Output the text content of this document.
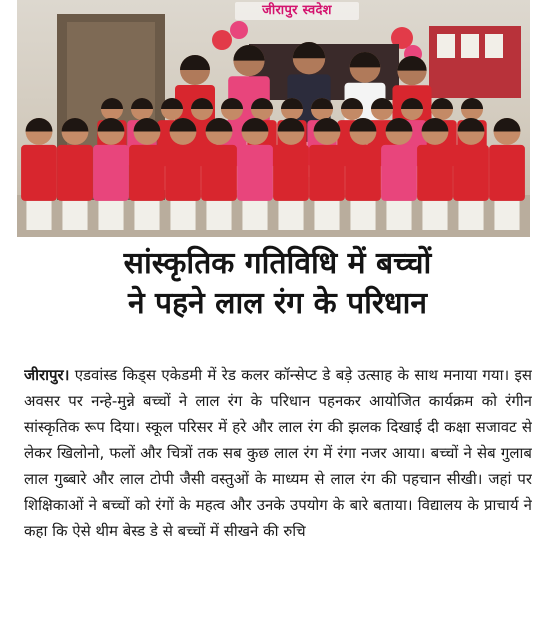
जीरापुर स्वदेश
सांस्कृतिक गतिविधि में बच्चों
ने पहने लाल रंग के परिधान
जीरापुर। एडवांस्ड किड्स एकेडमी में रेड कलर कॉन्सेप्ट डे बड़े उत्साह के साथ मनाया गया। इस अवसर पर नन्हे-मुन्ने बच्चों ने लाल रंग के परिधान पहनकर आयोजित कार्यक्रम को रंगीन सांस्कृतिक रूप दिया। स्कूल परिसर में हरे और लाल रंग की झलक दिखाई दी कक्षा सजावट से लेकर खिलोनो, फलों और चित्रों तक सब कुछ लाल रंग में रंगा नजर आया। बच्चों ने सेब गुलाब लाल गुब्बारे और लाल टोपी जैसी वस्तुओं के माध्यम से लाल रंग की पहचान सीखी। जहां पर शिक्षिकाओं ने बच्चों को रंगों के महत्व और उनके उपयोग के बारे बताया। विद्यालय के प्राचार्य ने कहा कि ऐसे थीम बेस्ड डे से बच्चों में सीखने की रुचि
